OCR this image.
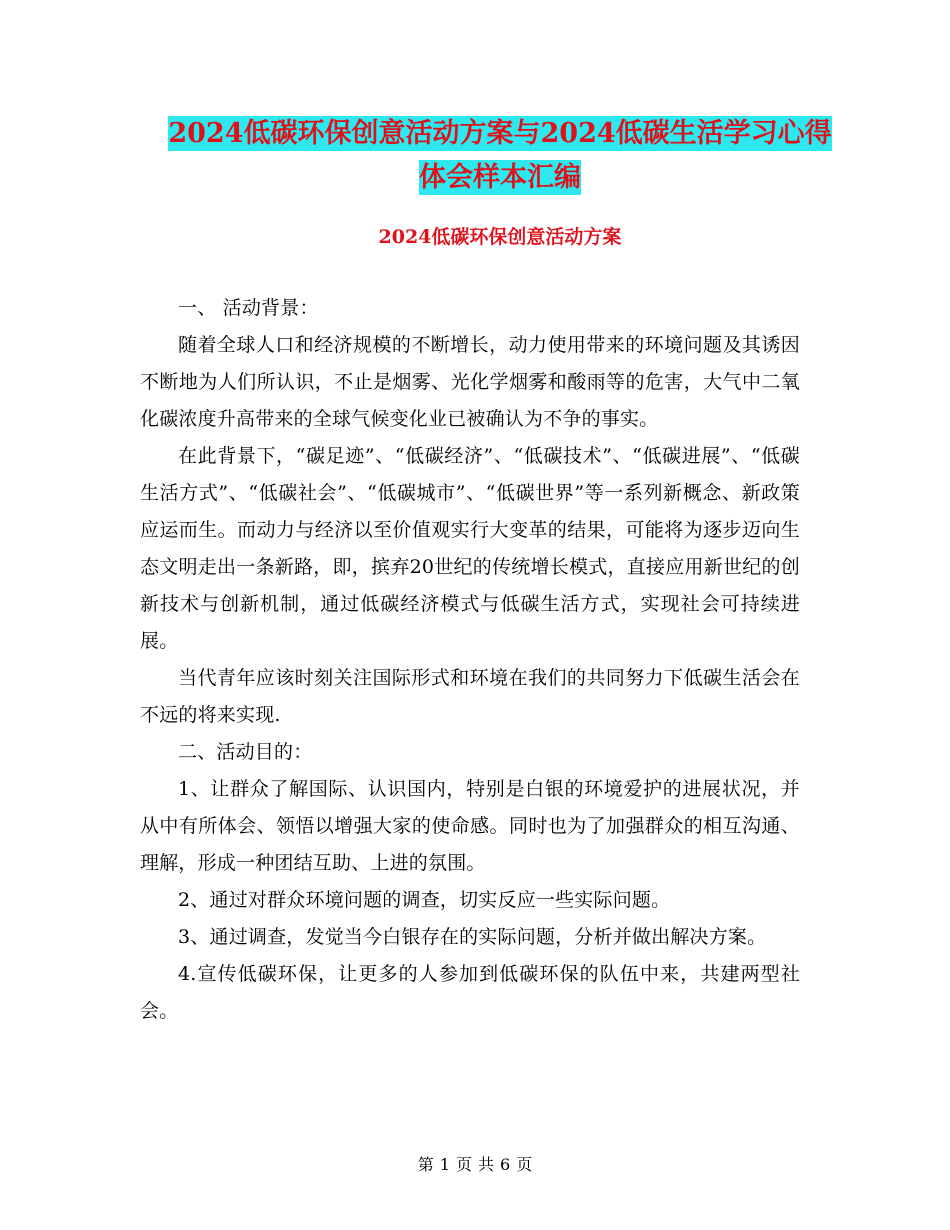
2024低碳环保创意活动方案与2024低碳生活学习心得
体会样本汇编
2024低碳环保创意活动方案

一、 活动背景：

随着全球人口和经济规模的不断增长，动力使用带来的环境问题及其诱因不断地为人们所认识，不止是烟雾、光化学烟雾和酸雨等的危害，大气中二氧化碳浓度升高带来的全球气候变化业已被确认为不争的事实。

在此背景下，“碳足迹”、“低碳经济”、“低碳技术”、“低碳进展”、“低碳生活方式”、“低碳社会”、“低碳城市”、“低碳世界”等一系列新概念、新政策应运而生。而动力与经济以至价值观实行大变革的结果，可能将为逐步迈向生态文明走出一条新路，即，摈弃20世纪的传统增长模式，直接应用新世纪的创新技术与创新机制，通过低碳经济模式与低碳生活方式，实现社会可持续进展。

当代青年应该时刻关注国际形式和环境在我们的共同努力下低碳生活会在不远的将来实现.

二、活动目的：

1、让群众了解国际、认识国内，特别是白银的环境爱护的进展状况，并从中有所体会、领悟以增强大家的使命感。同时也为了加强群众的相互沟通、理解，形成一种团结互助、上进的氛围。

2、通过对群众环境问题的调查，切实反应一些实际问题。

3、通过调查，发觉当今白银存在的实际问题，分析并做出解决方案。

4.宣传低碳环保，让更多的人参加到低碳环保的队伍中来，共建两型社会。

第 1 页 共 6 页
